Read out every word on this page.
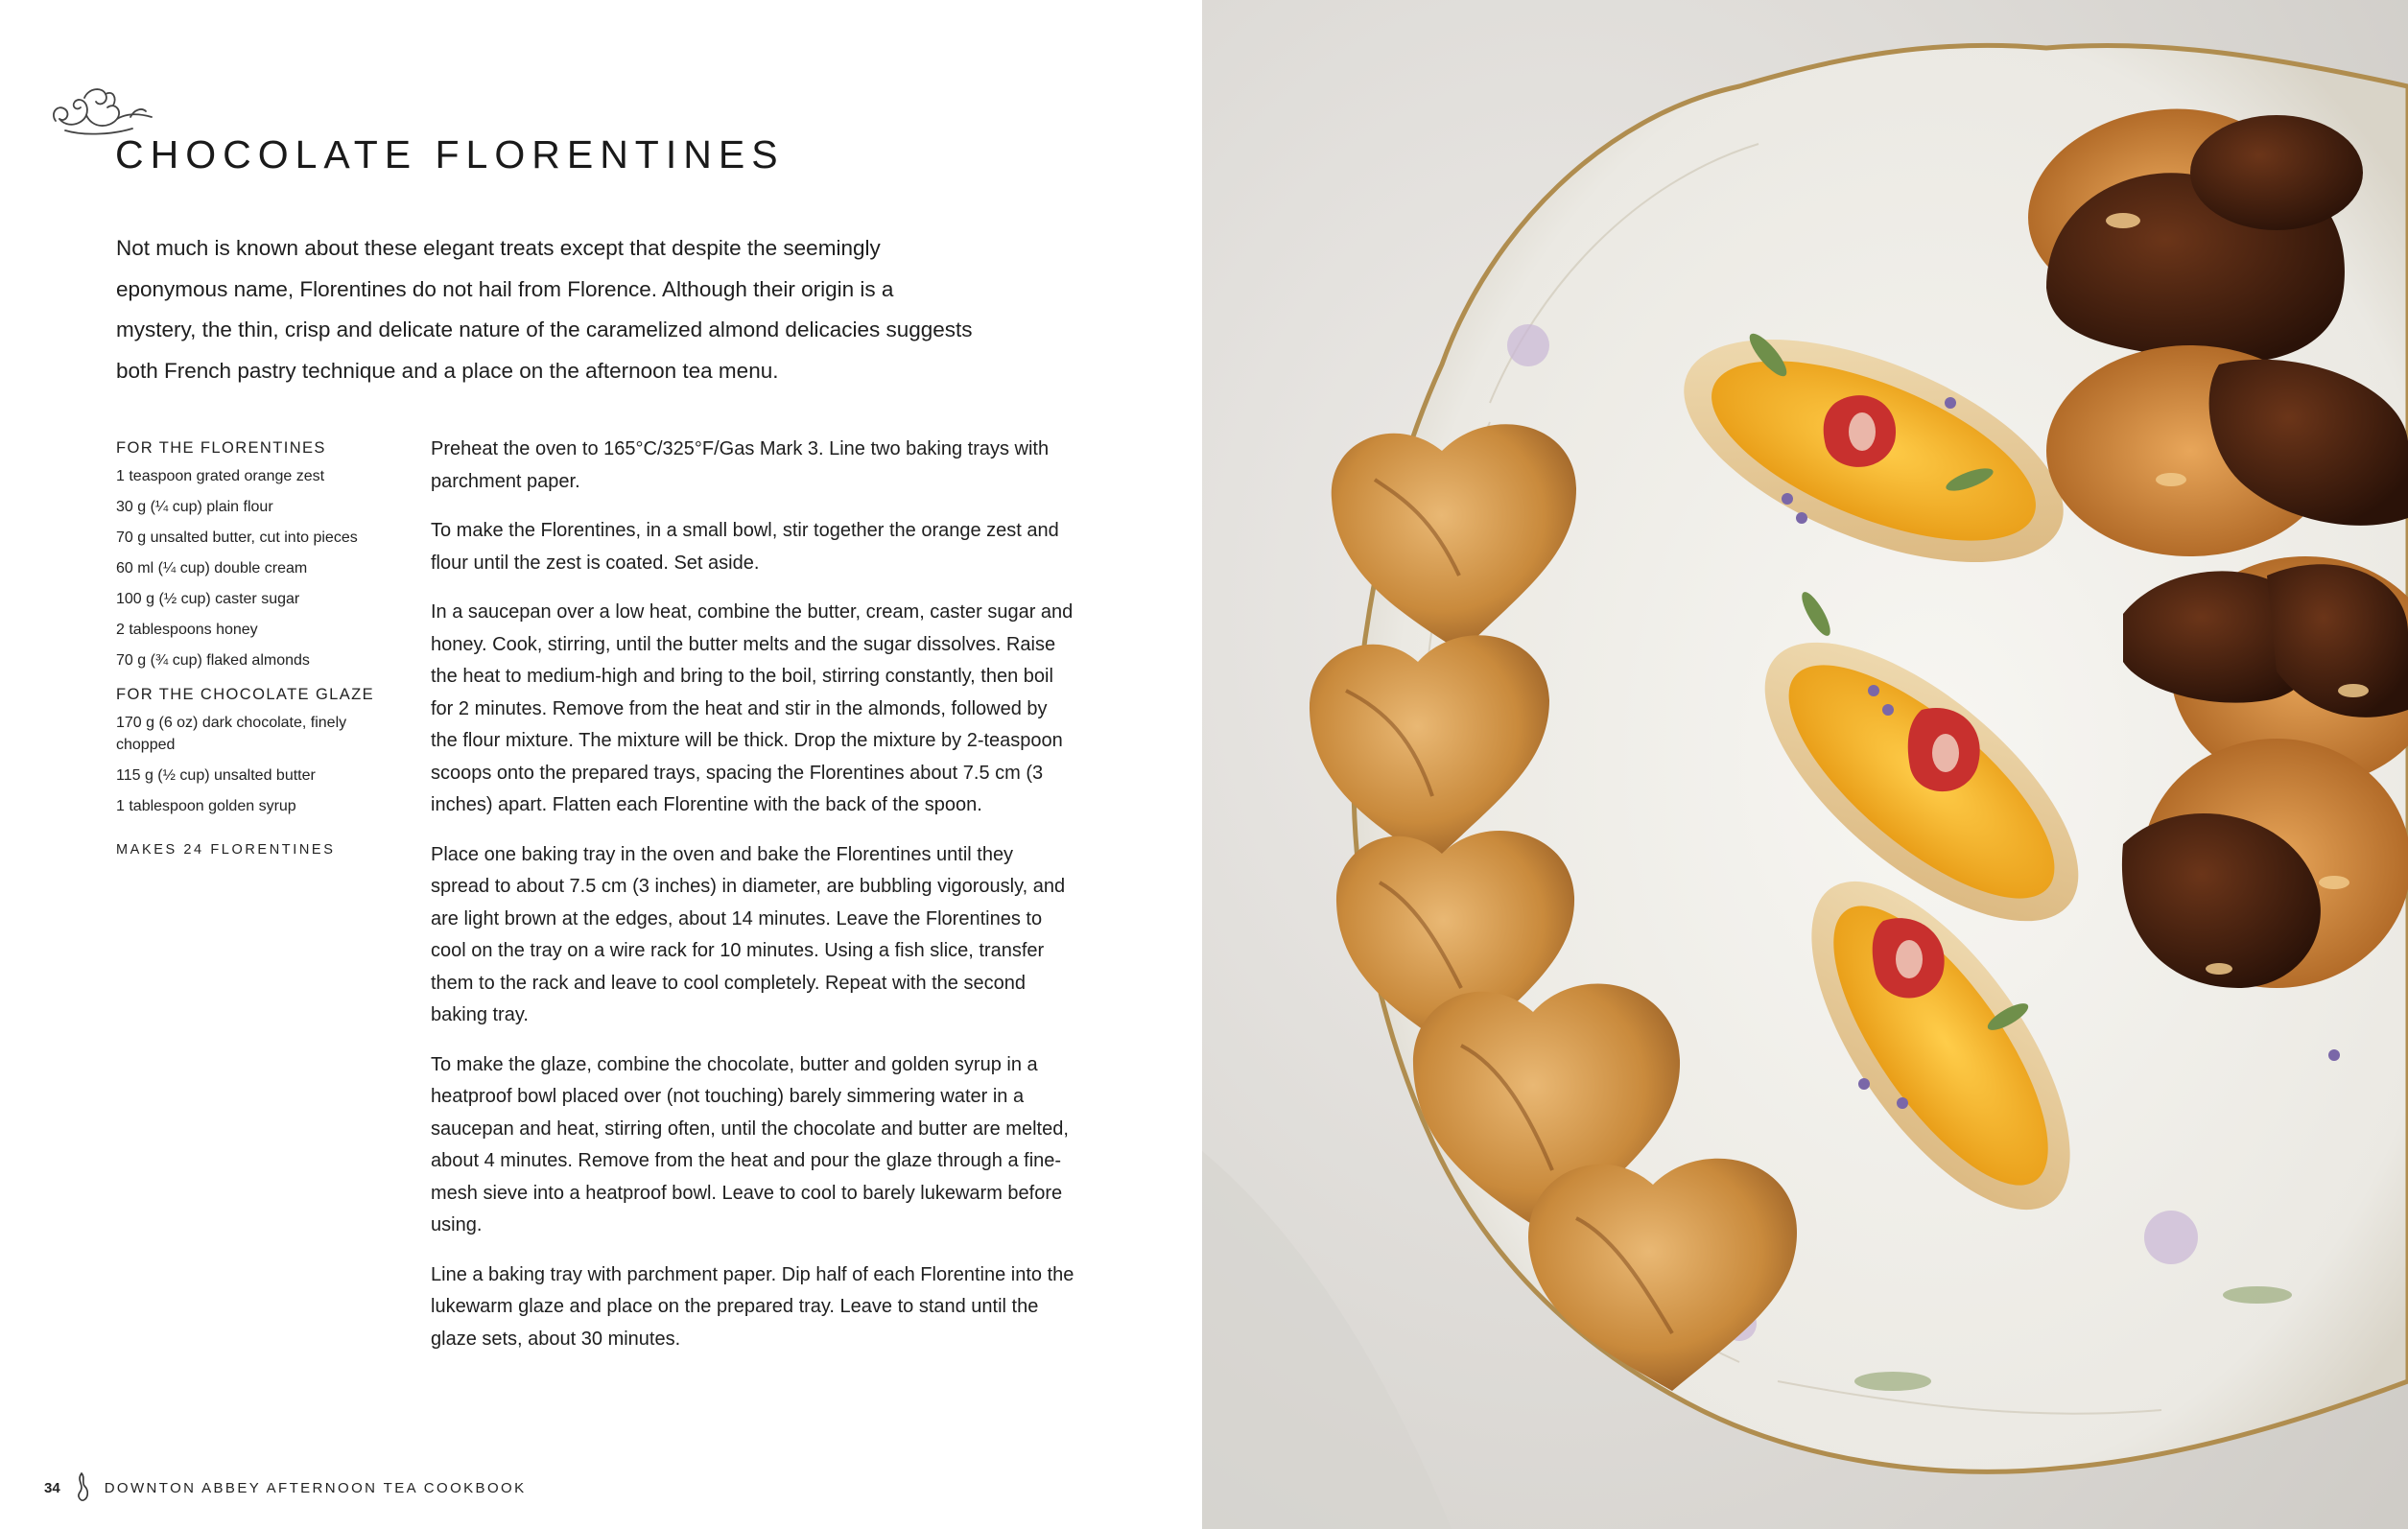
CHOCOLATE FLORENTINES

Not much is known about these elegant treats except that despite the seemingly eponymous name, Florentines do not hail from Florence. Although their origin is a mystery, the thin, crisp and delicate nature of the caramelized almond delicacies suggests both French pastry technique and a place on the afternoon tea menu.

FOR THE FLORENTINES
1 teaspoon grated orange zest
30 g (¼ cup) plain flour
70 g unsalted butter, cut into pieces
60 ml (¼ cup) double cream
100 g (½ cup) caster sugar
2 tablespoons honey
70 g (¾ cup) flaked almonds
FOR THE CHOCOLATE GLAZE
170 g (6 oz) dark chocolate, finely chopped
115 g (½ cup) unsalted butter
1 tablespoon golden syrup
MAKES 24 FLORENTINES

Preheat the oven to 165°C/325°F/Gas Mark 3. Line two baking trays with parchment paper.

To make the Florentines, in a small bowl, stir together the orange zest and flour until the zest is coated. Set aside.

In a saucepan over a low heat, combine the butter, cream, caster sugar and honey. Cook, stirring, until the butter melts and the sugar dissolves. Raise the heat to medium-high and bring to the boil, stirring constantly, then boil for 2 minutes. Remove from the heat and stir in the almonds, followed by the flour mixture. The mixture will be thick. Drop the mixture by 2-teaspoon scoops onto the prepared trays, spacing the Florentines about 7.5 cm (3 inches) apart. Flatten each Florentine with the back of the spoon.

Place one baking tray in the oven and bake the Florentines until they spread to about 7.5 cm (3 inches) in diameter, are bubbling vigorously, and are light brown at the edges, about 14 minutes. Leave the Florentines to cool on the tray on a wire rack for 10 minutes. Using a fish slice, transfer them to the rack and leave to cool completely. Repeat with the second baking tray.

To make the glaze, combine the chocolate, butter and golden syrup in a heatproof bowl placed over (not touching) barely simmering water in a saucepan and heat, stirring often, until the chocolate and butter are melted, about 4 minutes. Remove from the heat and pour the glaze through a fine-mesh sieve into a heatproof bowl. Leave to cool to barely lukewarm before using.

Line a baking tray with parchment paper. Dip half of each Florentine into the lukewarm glaze and place on the prepared tray. Leave to stand until the glaze sets, about 30 minutes.

34	DOWNTON ABBEY AFTERNOON TEA COOKBOOK
